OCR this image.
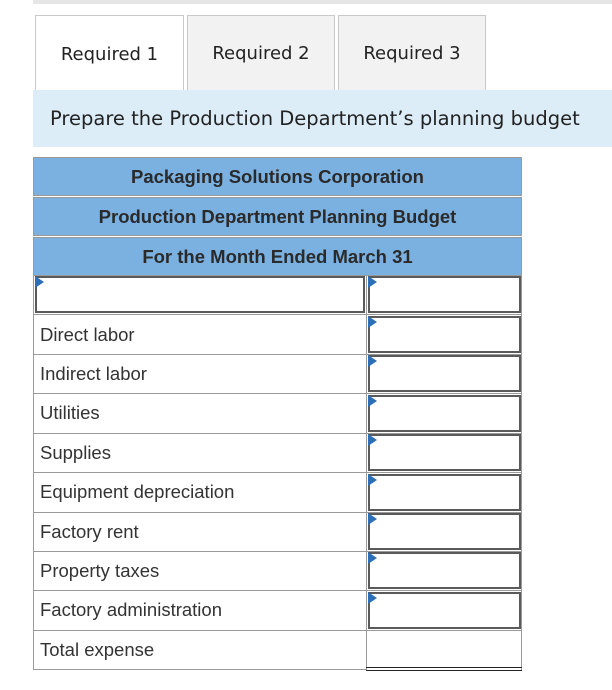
Required 1	Required 2	Required 3
Prepare the Production Department’s planning budget
Packaging Solutions Corporation
Production Department Planning Budget
For the Month Ended March 31
Direct labor
Indirect labor
Utilities
Supplies
Equipment depreciation
Factory rent
Property taxes
Factory administration
Total expense
